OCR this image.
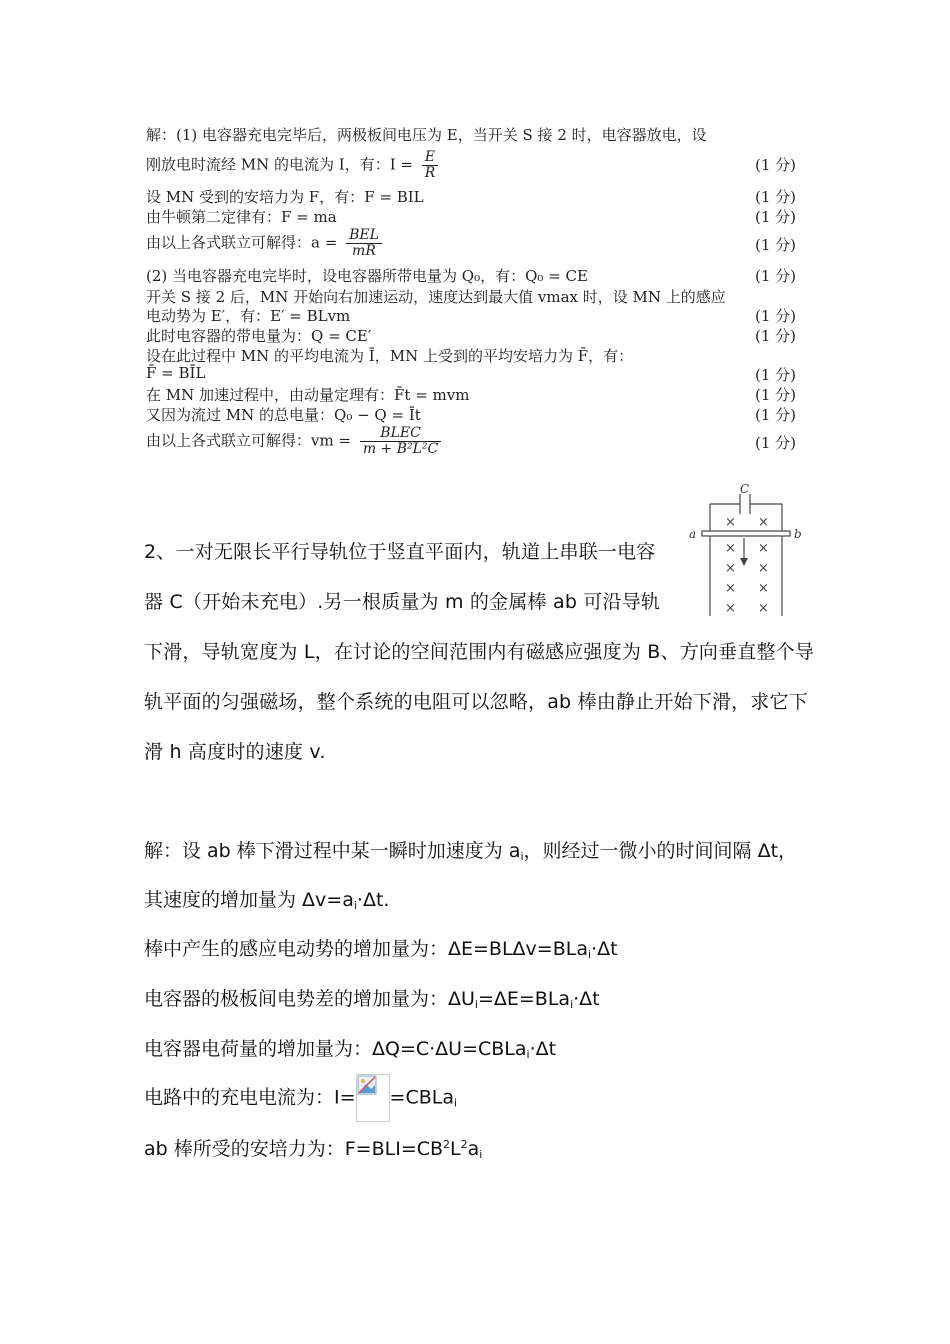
解：(1) 电容器充电完毕后，两极板间电压为 E，当开关 S 接 2 时，电容器放电，设
刚放电时流经 MN 的电流为 I，有：$I = \frac{E}{R}$	(1 分)
设 MN 受到的安培力为 F，有：F = BIL	(1 分)
由牛顿第二定律有：F = ma	(1 分)
由以上各式联立可解得：$a = \frac{\text{BEL}}{mR}$	(1 分)
(2) 当电容器充电完毕时，设电容器所带电量为 Q₀，有：Q₀ = CE	(1 分)
开关 S 接 2 后，MN 开始向右加速运动，速度达到最大值 vmax 时，设 MN 上的感应
电动势为 E′，有：E′ = BLvm	(1 分)
此时电容器的带电量为：Q = CE′	(1 分)
设在此过程中 MN 的平均电流为 Ī，MN 上受到的平均安培力为 F̄，有：
F̄ = BĪL	(1 分)
在 MN 加速过程中，由动量定理有：F̄t = mvm	(1 分)
又因为流过 MN 的总电量：Q₀ − Q = Īt	(1 分)
由以上各式联立可解得：vm = $\frac{\text{BLEC}}{\text{m + B²L²C}}$	(1 分)
2、一对无限长平行导轨位于竖直平面内，轨道上串联一电容
器 C（开始未充电）.另一根质量为 m 的金属棒 ab 可沿导轨
下滑，导轨宽度为 L，在讨论的空间范围内有磁感应强度为 B、方向垂直整个导
轨平面的匀强磁场，整个系统的电阻可以忽略，ab 棒由静止开始下滑，求它下
滑 h 高度时的速度 v.
C
a	b
× ×
× ×
× ×
× ×
× ×
解：设 ab 棒下滑过程中某一瞬时加速度为 $a_i$，则经过一微小的时间间隔 Δt，
其速度的增加量为 $\Delta v=a_i\cdot\Delta t$.
棒中产生的感应电动势的增加量为：ΔE=BLΔv=BLa$_i$·Δt
电容器的极板间电势差的增加量为：$\Delta U_i=\Delta E=BLa_i\cdot\Delta t$
电容器电荷量的增加量为：ΔQ=C·ΔU=CBLa$_i$·Δt
电路中的充电电流为：I= =CBLa$_i$
ab 棒所受的安培力为：$F=BLI=CB^2L^2a_i$
